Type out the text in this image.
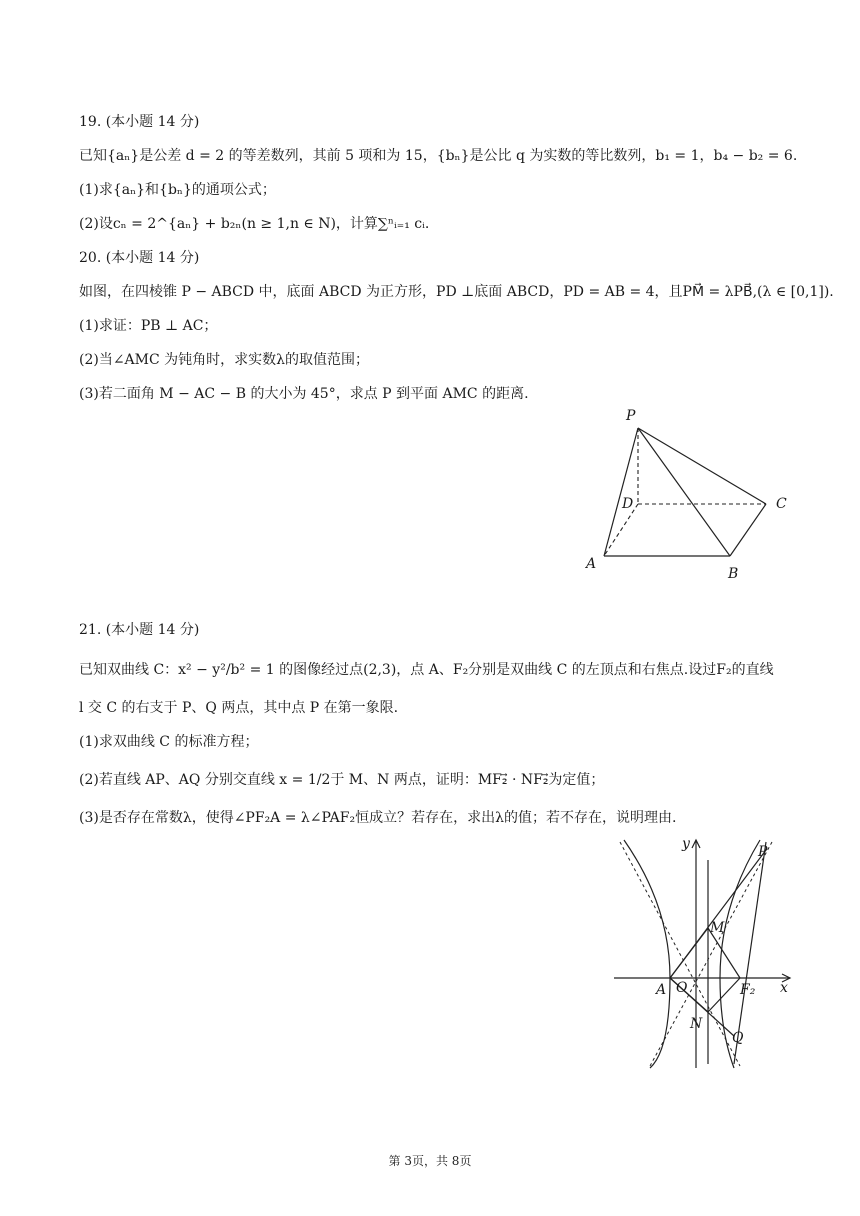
19. (本小题 14 分)
已知{aₙ}是公差 d = 2 的等差数列，其前 5 项和为 15，{bₙ}是公比 q 为实数的等比数列，b₁ = 1，b₄ − b₂ = 6.
(1)求{aₙ}和{bₙ}的通项公式；
(2)设cₙ = 2^{aₙ} + b₂ₙ(n ≥ 1,n ∈ N)，计算∑ⁿᵢ₌₁ cᵢ.
20. (本小题 14 分)
如图，在四棱锥 P − ABCD 中，底面 ABCD 为正方形，PD ⊥底面 ABCD，PD = AB = 4，且PM⃗ = λPB⃗,(λ ∈ [0,1]).
(1)求证：PB ⊥ AC；
(2)当∠AMC 为钝角时，求实数λ的取值范围；
(3)若二面角 M − AC − B 的大小为 45°，求点 P 到平面 AMC 的距离.
P
D	C
A
B
21. (本小题 14 分)
已知双曲线 C：x² − y²/b² = 1 的图像经过点(2,3)，点 A、F₂分别是双曲线 C 的左顶点和右焦点.设过F₂的直线
l 交 C 的右支于 P、Q 两点，其中点 P 在第一象限.
(1)求双曲线 C 的标准方程；
(2)若直线 AP、AQ 分别交直线 x = 1/2于 M、N 两点，证明：MF₂⃗ · NF₂⃗为定值；
(3)是否存在常数λ，使得∠PF₂A = λ∠PAF₂恒成立？若存在，求出λ的值；若不存在，说明理由.
y
x
O
A	F₂
M
N
P
Q
第 3页，共 8页
